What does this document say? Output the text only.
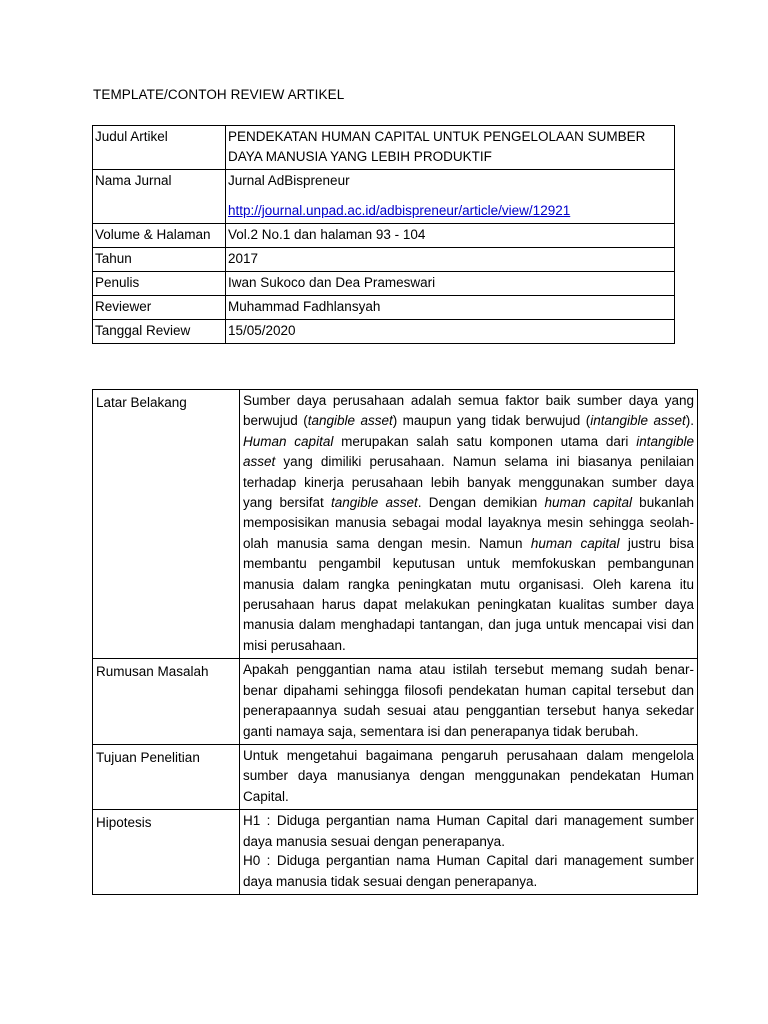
TEMPLATE/CONTOH REVIEW ARTIKEL
Judul Artikel	PENDEKATAN HUMAN CAPITAL UNTUK PENGELOLAAN SUMBER DAYA MANUSIA YANG LEBIH PRODUKTIF
Nama Jurnal	Jurnal AdBispreneur
http://journal.unpad.ac.id/adbispreneur/article/view/12921
Volume & Halaman	Vol.2 No.1 dan halaman 93 - 104
Tahun	2017
Penulis	Iwan Sukoco dan Dea Prameswari
Reviewer	Muhammad Fadhlansyah
Tanggal Review	15/05/2020
Latar Belakang	Sumber daya perusahaan adalah semua faktor baik sumber daya yang berwujud (tangible asset) maupun yang tidak berwujud (intangible asset). Human capital merupakan salah satu komponen utama dari intangible asset yang dimiliki perusahaan. Namun selama ini biasanya penilaian terhadap kinerja perusahaan lebih banyak menggunakan sumber daya yang bersifat tangible asset. Dengan demikian human capital bukanlah memposisikan manusia sebagai modal layaknya mesin sehingga seolah-olah manusia sama dengan mesin. Namun human capital justru bisa membantu pengambil keputusan untuk memfokuskan pembangunan manusia dalam rangka peningkatan mutu organisasi. Oleh karena itu perusahaan harus dapat melakukan peningkatan kualitas sumber daya manusia dalam menghadapi tantangan, dan juga untuk mencapai visi dan misi perusahaan.
Rumusan Masalah	Apakah penggantian nama atau istilah tersebut memang sudah benar-benar dipahami sehingga filosofi pendekatan human capital tersebut dan penerapaannya sudah sesuai atau penggantian tersebut hanya sekedar ganti namaya saja, sementara isi dan penerapanya tidak berubah.
Tujuan Penelitian	Untuk mengetahui bagaimana pengaruh perusahaan dalam mengelola sumber daya manusianya dengan menggunakan pendekatan Human Capital.
Hipotesis	H1 : Diduga pergantian nama Human Capital dari management sumber daya manusia sesuai dengan penerapanya.

H0 : Diduga pergantian nama Human Capital dari management sumber daya manusia tidak sesuai dengan penerapanya.
